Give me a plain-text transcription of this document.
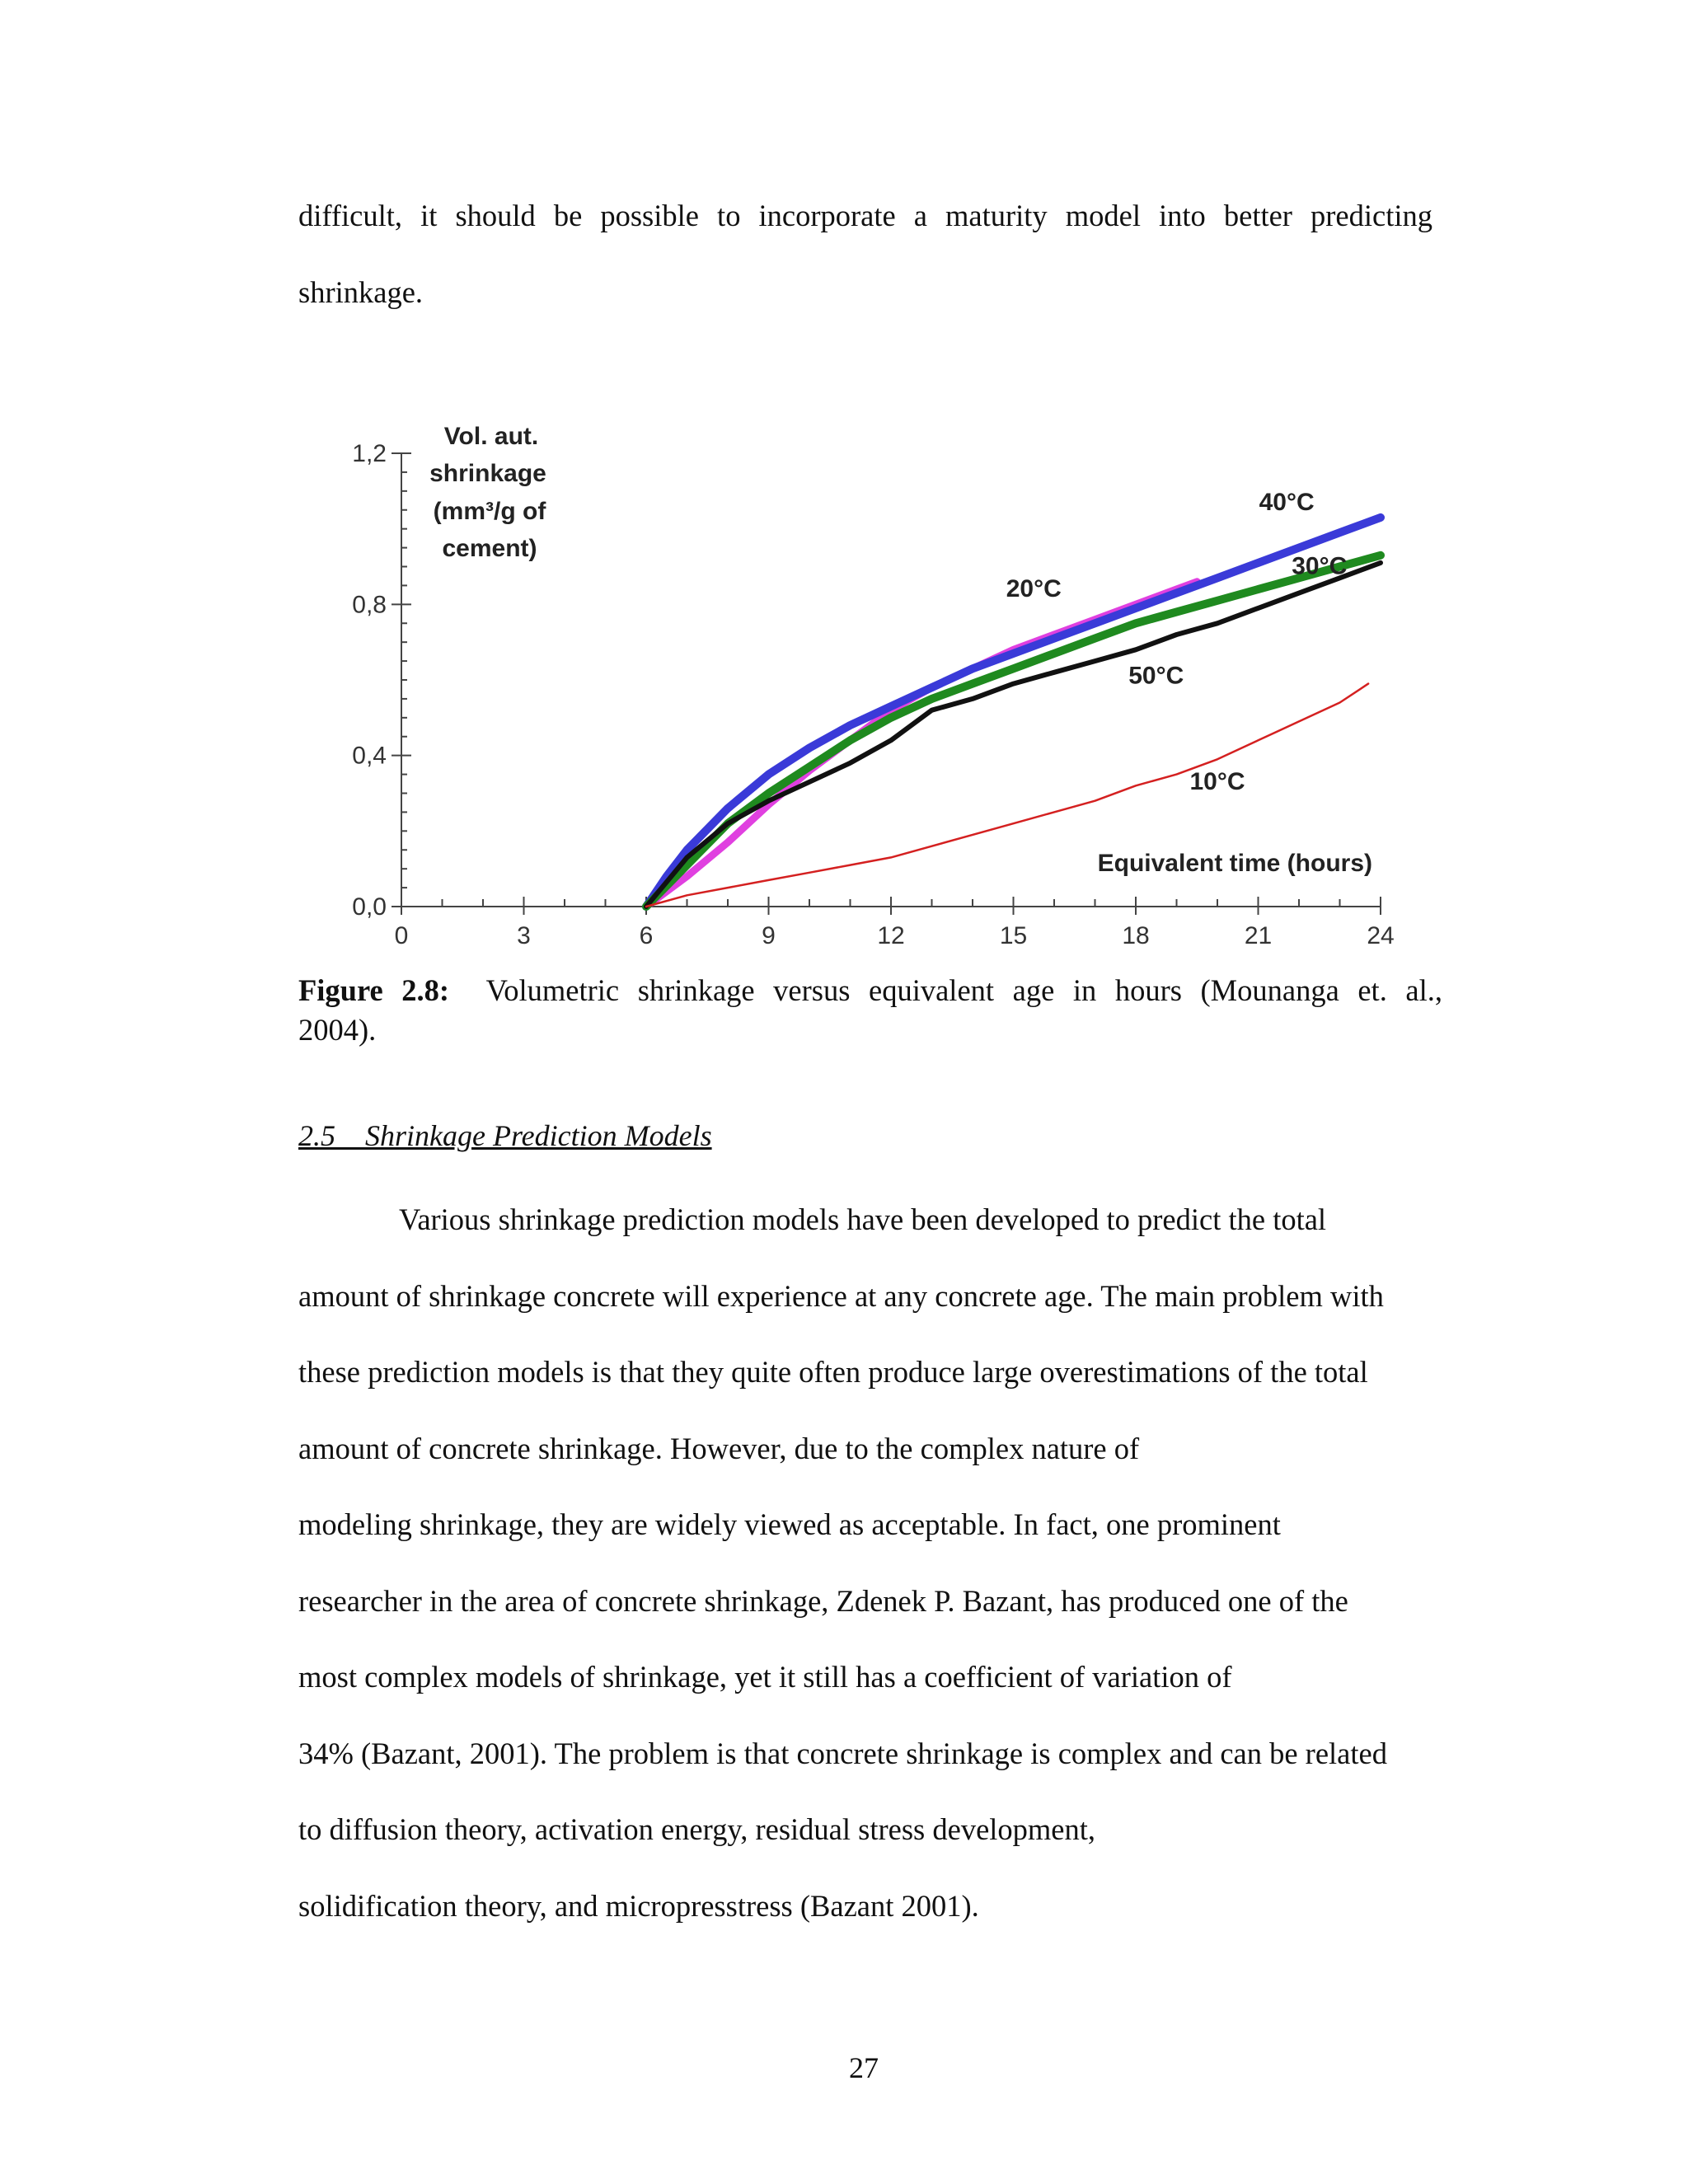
difficult, it should be possible to incorporate a maturity model into better predicting
shrinkage.
0	3	6	9	12	15	18	21	24
0,0
0,4
0,8
1,2
20°C
40°C
30°C
50°C
10°C
Vol. aut.
shrinkage
(mm³/g of
cement)
Equivalent time (hours)
Figure 2.8: Volumetric shrinkage versus equivalent age in hours (Mounanga et. al.,
2004).
2.5    Shrinkage Prediction Models
Various shrinkage prediction models have been developed to predict the total
amount of shrinkage concrete will experience at any concrete age. The main problem with
these prediction models is that they quite often produce large overestimations of the total
amount of concrete shrinkage. However, due to the complex nature of
modeling shrinkage, they are widely viewed as acceptable. In fact, one prominent
researcher in the area of concrete shrinkage, Zdenek P. Bazant, has produced one of the
most complex models of shrinkage, yet it still has a coefficient of variation of
34% (Bazant, 2001). The problem is that concrete shrinkage is complex and can be related
to diffusion theory, activation energy, residual stress development,
solidification theory, and micropresstress (Bazant 2001).
27
